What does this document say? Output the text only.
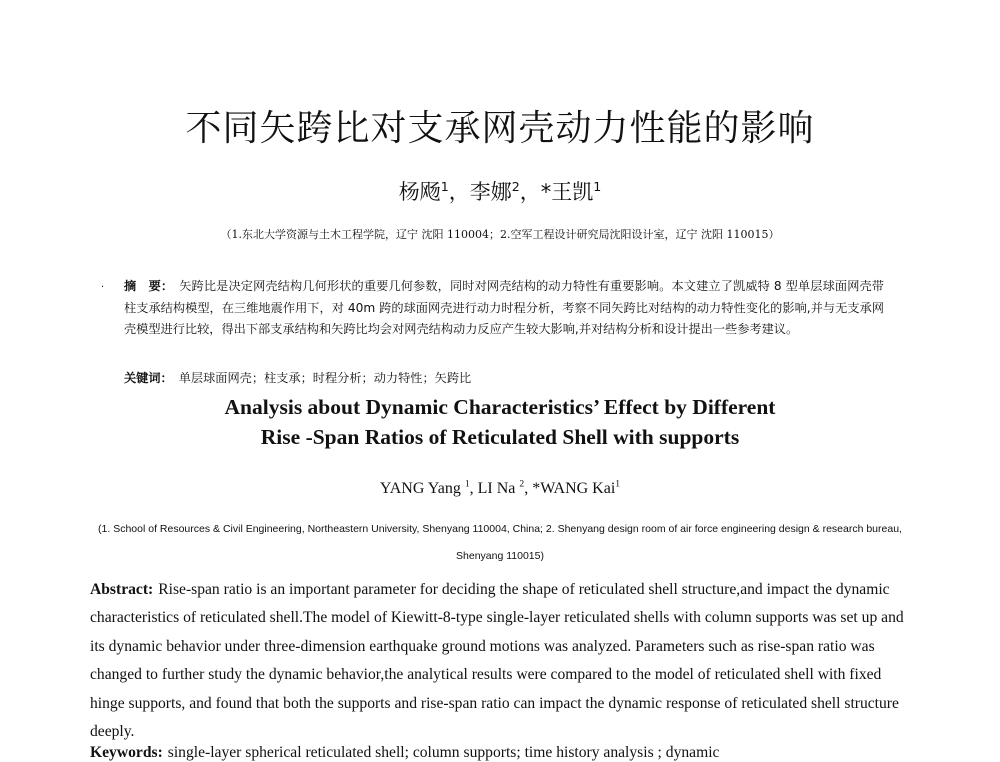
不同矢跨比对支承网壳动力性能的影响
杨飏$^1$，李娜$^2$，*王凯$^1$
（1.东北大学资源与土木工程学院，辽宁 沈阳 110004；2.空军工程设计研究局沈阳设计室，辽宁 沈阳 110015）
· 摘　要： 矢跨比是决定网壳结构几何形状的重要几何参数，同时对网壳结构的动力特性有重要影响。本文建立了凯威特 8 型单层球面网壳带柱支承结构模型，在三维地震作用下，对 40m 跨的球面网壳进行动力时程分析，考察不同矢跨比对结构的动力特性变化的影响,并与无支承网壳模型进行比较，得出下部支承结构和矢跨比均会对网壳结构动力反应产生较大影响,并对结构分析和设计提出一些参考建议。
关键词： 单层球面网壳；柱支承；时程分析；动力特性；矢跨比
Analysis about Dynamic Characteristics’ Effect by Different
Rise -Span Ratios of Reticulated Shell with supports
YANG Yang $^1$, LI Na $^2$, *WANG Kai$^1$
(1. School of Resources & Civil Engineering, Northeastern University, Shenyang 110004, China; 2. Shenyang design room of air force engineering design & research bureau, Shenyang 110015)
Abstract: Rise-span ratio is an important parameter for deciding the shape of reticulated shell structure,and impact the dynamic characteristics of reticulated shell.The model of Kiewitt-8-type single-layer reticulated shells with column supports was set up and its dynamic behavior under three-dimension earthquake ground motions was analyzed. Parameters such as rise-span ratio was changed to further study the dynamic behavior,the analytical results were compared to the model of reticulated shell with fixed hinge supports, and found that both the supports and rise-span ratio can impact the dynamic response of reticulated shell structure deeply.
Keywords: single-layer spherical reticulated shell; column supports; time history analysis ; dynamic
